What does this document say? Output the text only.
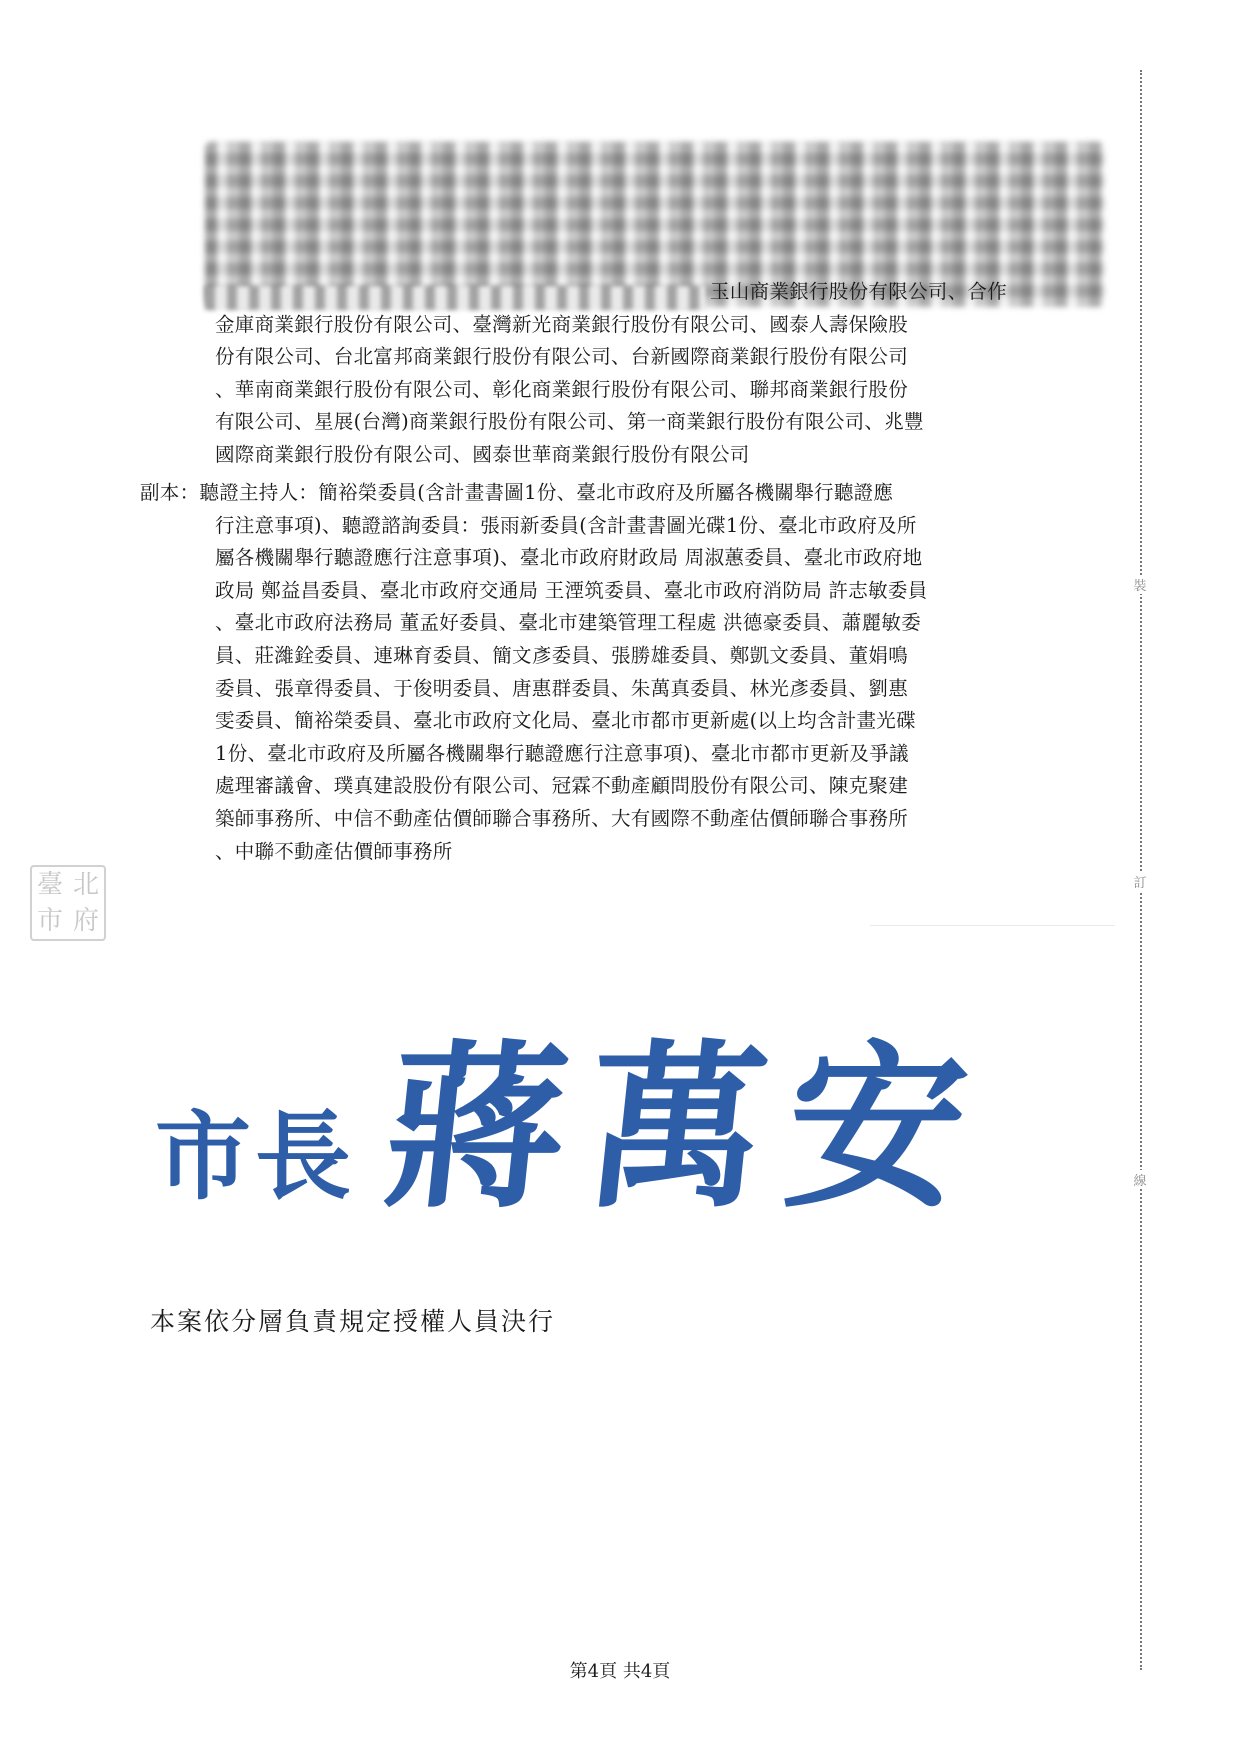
裝
訂
線
玉山商業銀行股份有限公司、合作
金庫商業銀行股份有限公司、臺灣新光商業銀行股份有限公司、國泰人壽保險股
份有限公司、台北富邦商業銀行股份有限公司、台新國際商業銀行股份有限公司
、華南商業銀行股份有限公司、彰化商業銀行股份有限公司、聯邦商業銀行股份
有限公司、星展(台灣)商業銀行股份有限公司、第一商業銀行股份有限公司、兆豐
國際商業銀行股份有限公司、國泰世華商業銀行股份有限公司
副本：聽證主持人：簡裕榮委員(含計畫書圖1份、臺北市政府及所屬各機關舉行聽證應
行注意事項)、聽證諮詢委員：張雨新委員(含計畫書圖光碟1份、臺北市政府及所
屬各機關舉行聽證應行注意事項)、臺北市政府財政局 周淑蕙委員、臺北市政府地
政局 鄭益昌委員、臺北市政府交通局 王湮筑委員、臺北市政府消防局 許志敏委員
、臺北市政府法務局 董孟好委員、臺北市建築管理工程處 洪德豪委員、蕭麗敏委
員、莊濰銓委員、連琳育委員、簡文彥委員、張勝雄委員、鄭凱文委員、董娟鳴
委員、張章得委員、于俊明委員、唐惠群委員、朱萬真委員、林光彥委員、劉惠
雯委員、簡裕榮委員、臺北市政府文化局、臺北市都市更新處(以上均含計畫光碟
1份、臺北市政府及所屬各機關舉行聽證應行注意事項)、臺北市都市更新及爭議
處理審議會、璞真建設股份有限公司、冠霖不動產顧問股份有限公司、陳克聚建
築師事務所、中信不動產估價師聯合事務所、大有國際不動產估價師聯合事務所
、中聯不動產估價師事務所
臺 北
市 府
市長 蔣萬安
本案依分層負責規定授權人員決行
第4頁 共4頁
